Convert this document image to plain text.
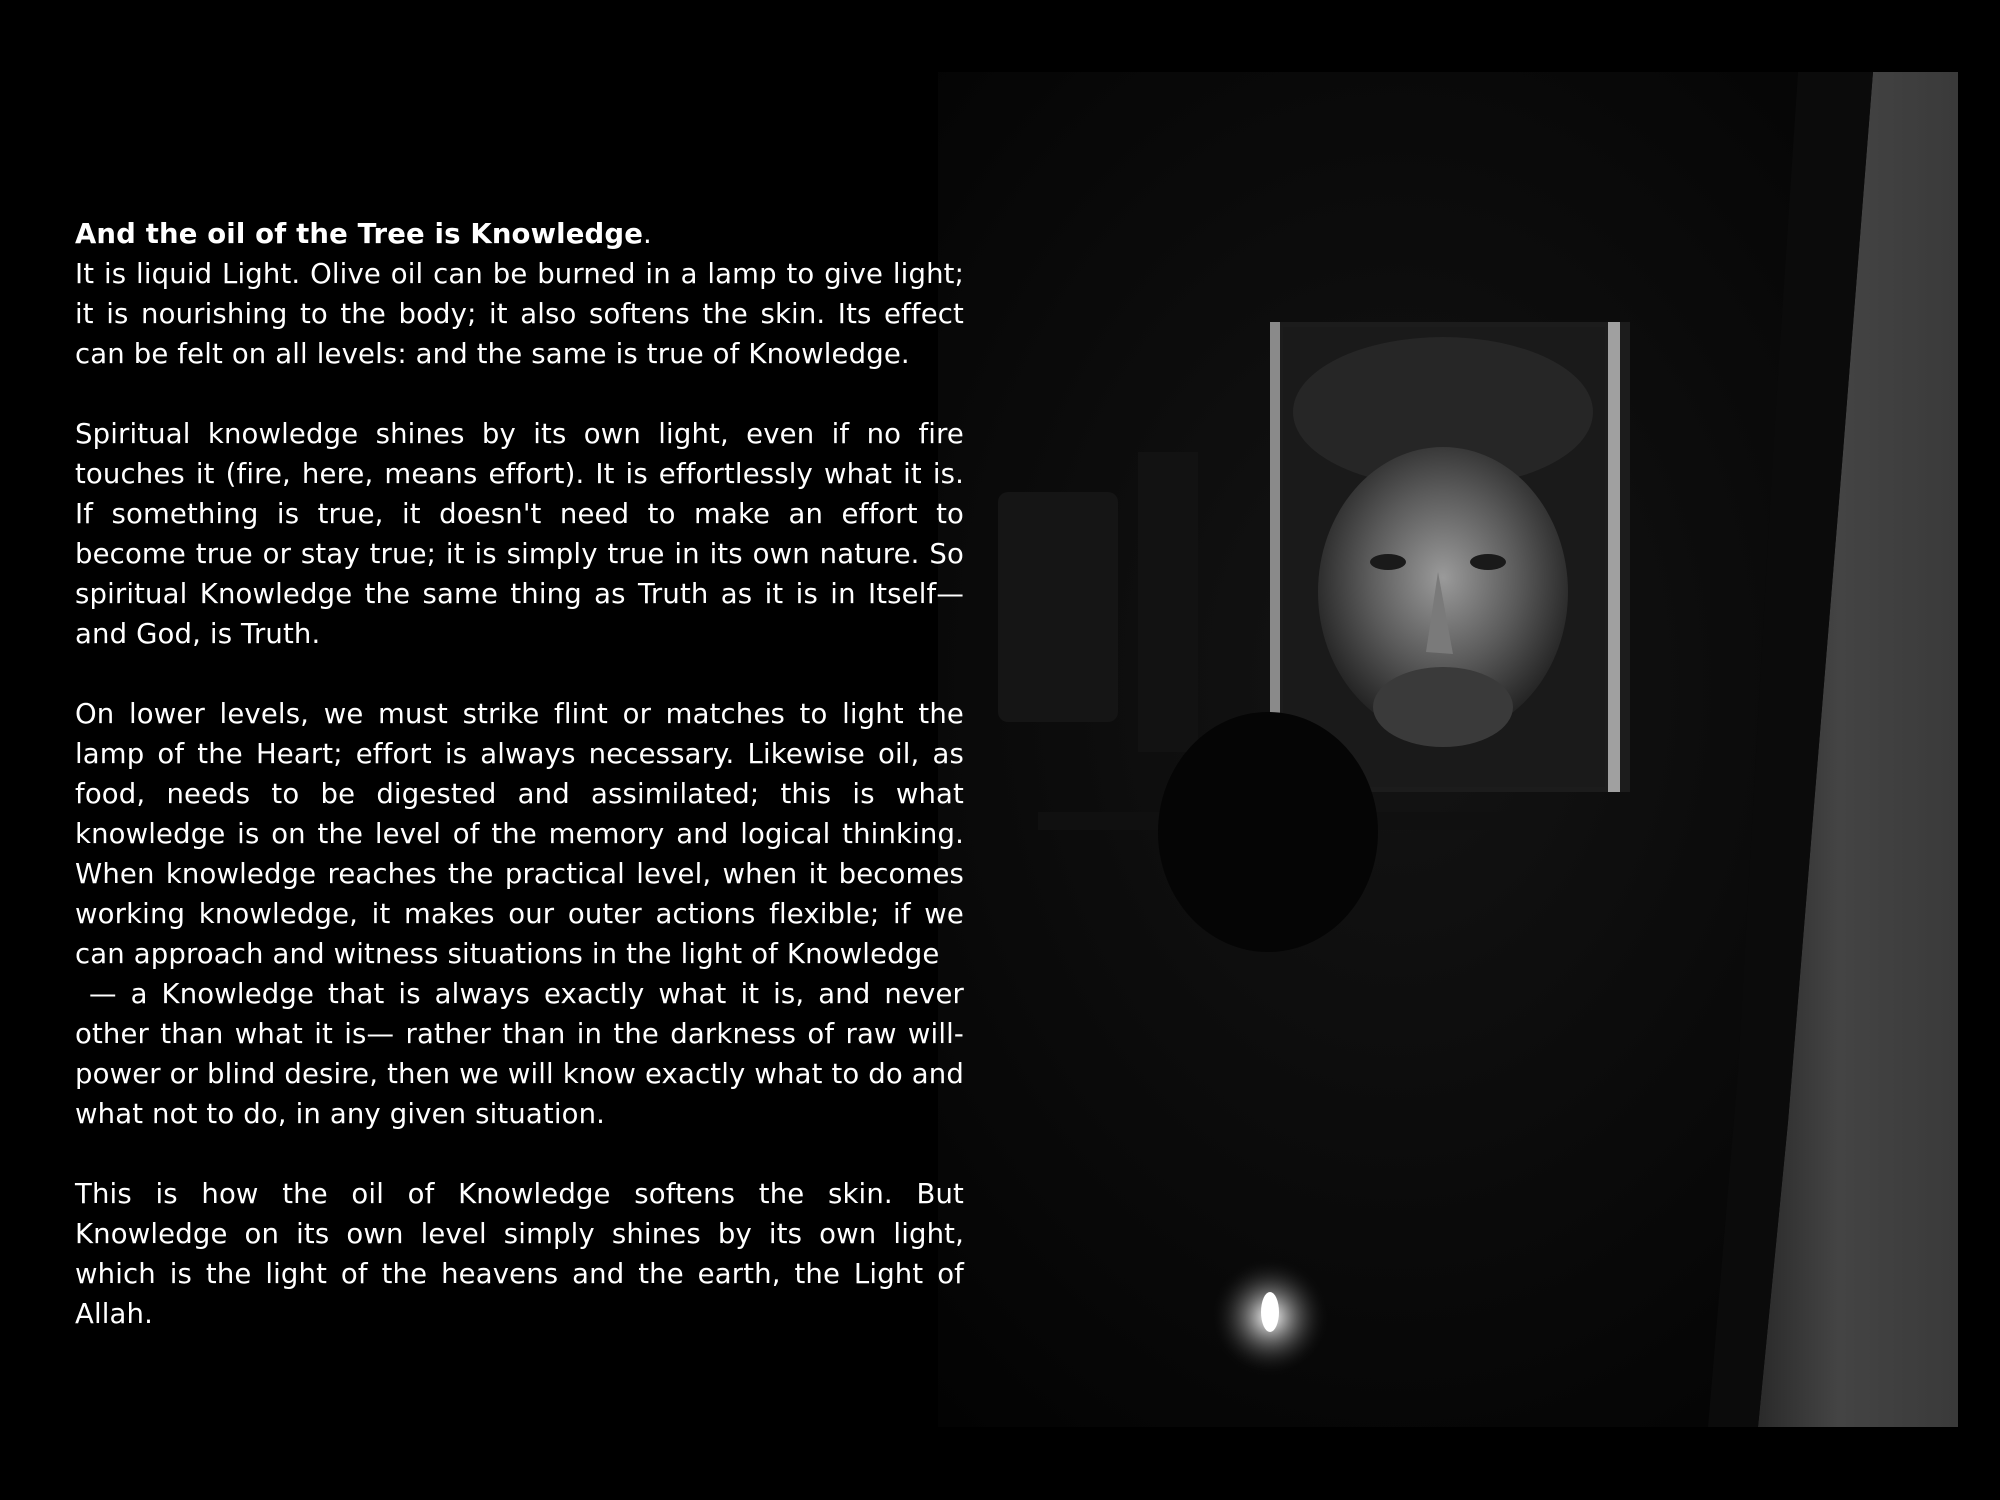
And the oil of the Tree is Knowledge.
It is liquid Light. Olive oil can be burned in a lamp to give light; it is nourishing to the body; it also softens the skin. Its effect can be felt on all levels: and the same is true of Knowledge.

Spiritual knowledge shines by its own light, even if no fire touches it (fire, here, means effort). It is effortlessly what it is. If something is true, it doesn't need to make an effort to become true or stay true; it is simply true in its own nature. So spiritual Knowledge the same thing as Truth as it is in Itself—and God, is Truth.

On lower levels, we must strike flint or matches to light the lamp of the Heart; effort is always necessary. Likewise oil, as food, needs to be digested and assimilated; this is what knowledge is on the level of the memory and logical thinking. When knowledge reaches the practical level, when it becomes working knowledge, it makes our outer actions flexible; if we can approach and witness situations in the light of Knowledge

— a Knowledge that is always exactly what it is, and never other than what it is— rather than in the darkness of raw will-power or blind desire, then we will know exactly what to do and what not to do, in any given situation.

This is how the oil of Knowledge softens the skin. But Knowledge on its own level simply shines by its own light, which is the light of the heavens and the earth, the Light of Allah.
